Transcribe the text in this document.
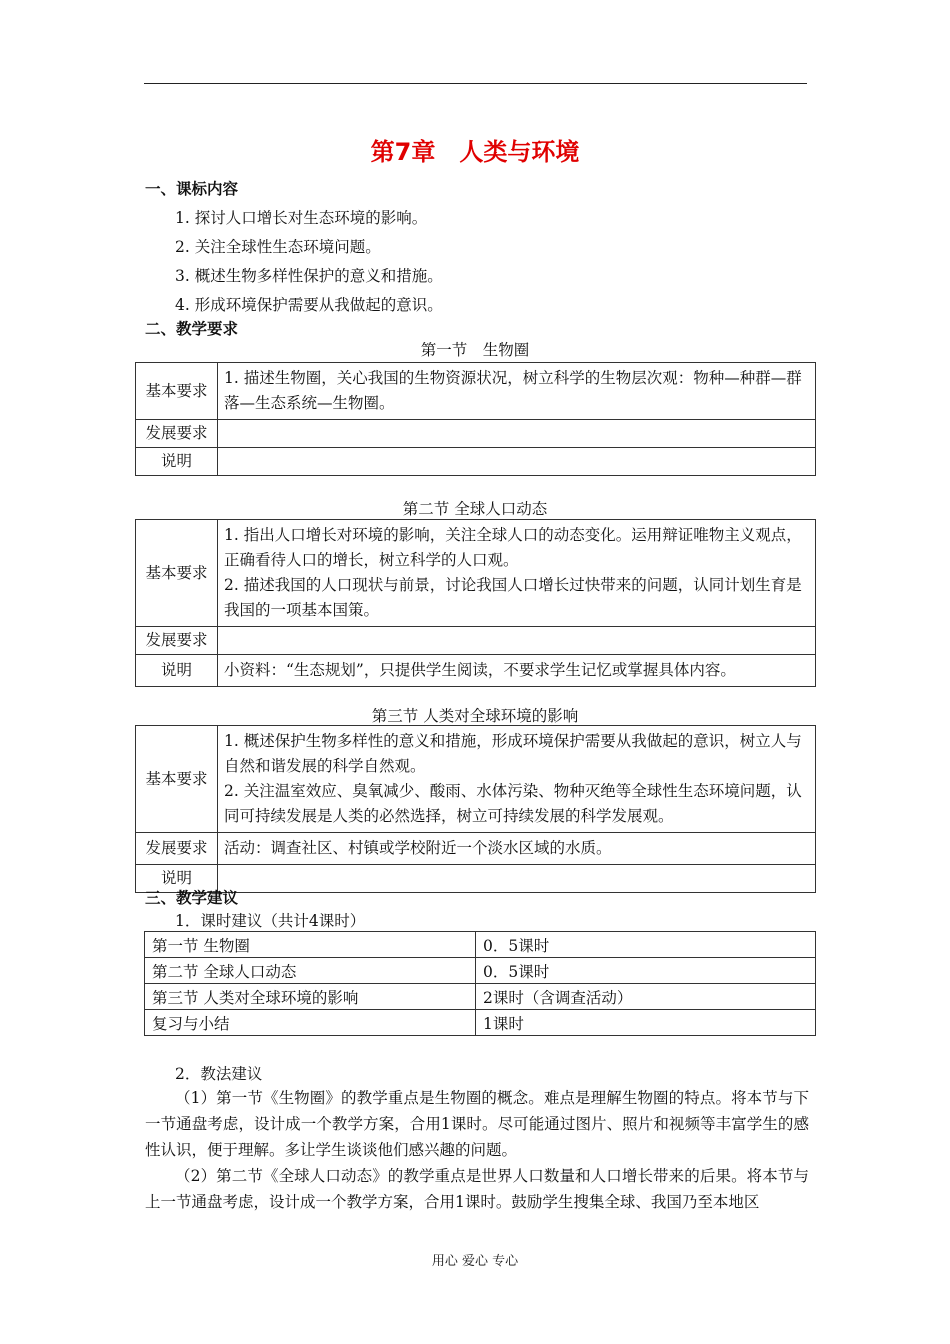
第7章　人类与环境
一、课标内容
1. 探讨人口增长对生态环境的影响。
2. 关注全球性生态环境问题。
3. 概述生物多样性保护的意义和措施。
4. 形成环境保护需要从我做起的意识。
二、教学要求
第一节　生物圈
基本要求	1. 描述生物圈，关心我国的生物资源状况，树立科学的生物层次观：物种—种群—群落—生态系统—生物圈。
发展要求	
说明	
第二节 全球人口动态
基本要求	1. 指出人口增长对环境的影响，关注全球人口的动态变化。运用辩证唯物主义观点，正确看待人口的增长，树立科学的人口观。
2. 描述我国的人口现状与前景，讨论我国人口增长过快带来的问题，认同计划生育是我国的一项基本国策。

发展要求	
说明	小资料：“生态规划”，只提供学生阅读，不要求学生记忆或掌握具体内容。
第三节 人类对全球环境的影响
基本要求	1. 概述保护生物多样性的意义和措施，形成环境保护需要从我做起的意识，树立人与自然和谐发展的科学自然观。
2. 关注温室效应、臭氧减少、酸雨、水体污染、物种灭绝等全球性生态环境问题，认同可持续发展是人类的必然选择，树立可持续发展的科学发展观。

发展要求	活动：调查社区、村镇或学校附近一个淡水区域的水质。
说明	
三、教学建议
1．课时建议（共计4课时）
第一节 生物圈	0．5课时
第二节 全球人口动态	0．5课时
第三节 人类对全球环境的影响	2课时（含调查活动）
复习与小结	1课时
2．教法建议
（1）第一节《生物圈》的教学重点是生物圈的概念。难点是理解生物圈的特点。将本节与下一节通盘考虑，设计成一个教学方案，合用1课时。尽可能通过图片、照片和视频等丰富学生的感性认识，便于理解。多让学生谈谈他们感兴趣的问题。
（2）第二节《全球人口动态》的教学重点是世界人口数量和人口增长带来的后果。将本节与上一节通盘考虑，设计成一个教学方案，合用1课时。鼓励学生搜集全球、我国乃至本地区
用心 爱心 专心
